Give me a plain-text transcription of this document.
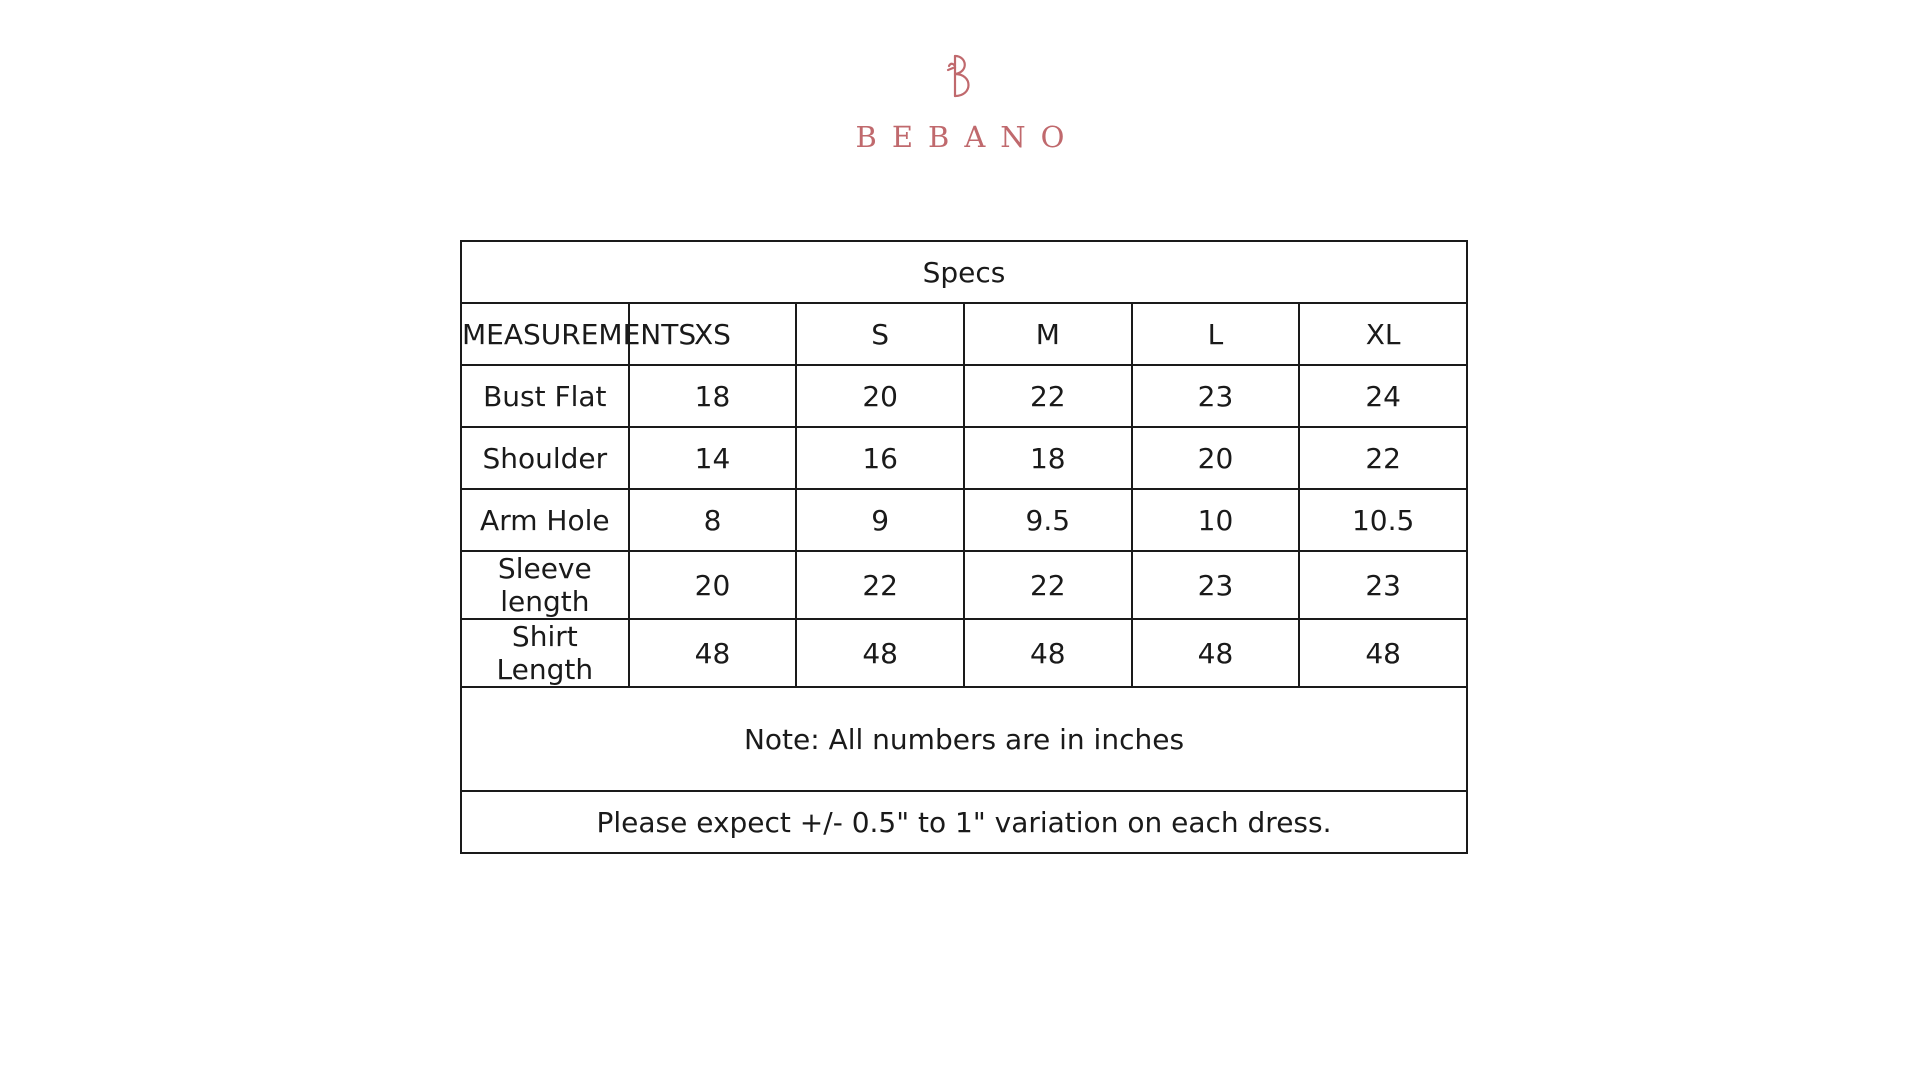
BEBANO
Specs					
MEASUREMENTS	XS	S	M	L	XL
Bust Flat	18	20	22	23	24
Shoulder	14	16	18	20	22
Arm Hole	8	9	9.5	10	10.5
Sleeve length	20	22	22	23	23
Shirt Length	48	48	48	48	48
Note: All numbers are in inches					
Please expect +/- 0.5" to 1" variation on each dress.					
